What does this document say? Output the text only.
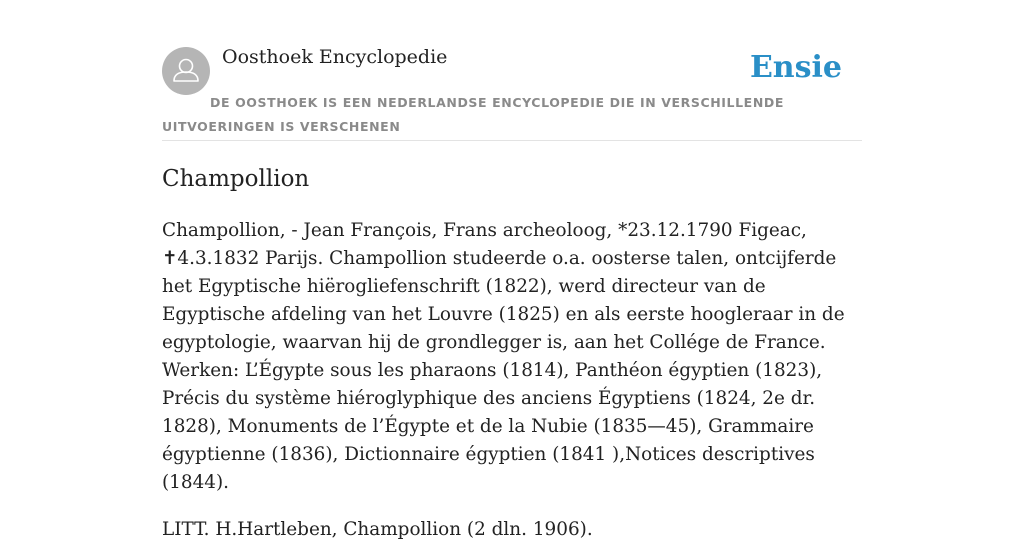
Oosthoek Encyclopedie	Ensie
DE OOSTHOEK IS EEN NEDERLANDSE ENCYCLOPEDIE DIE IN VERSCHILLENDE UITVOERINGEN IS VERSCHENEN
Champollion

Champollion, - Jean François, Frans archeoloog, *23.12.1790 Figeac, ✝4.3.1832 Parijs. Champollion studeerde o.a. oosterse talen, ontcijferde het Egyptische hiërogliefenschrift (1822), werd directeur van de Egyptische afdeling van het Louvre (1825) en als eerste hoogleraar in de egyptologie, waarvan hij de grondlegger is, aan het Collége de France. Werken: L’Égypte sous les pharaons (1814), Panthéon égyptien (1823), Précis du système hiéroglyphique des anciens Égyptiens (1824, 2e dr. 1828), Monuments de l’Égypte et de la Nubie (1835—45), Grammaire égyptienne (1836), Dictionnaire égyptien (1841 ),Notices descriptives (1844).

LITT. H.Hartleben, Champollion (2 dln. 1906).
